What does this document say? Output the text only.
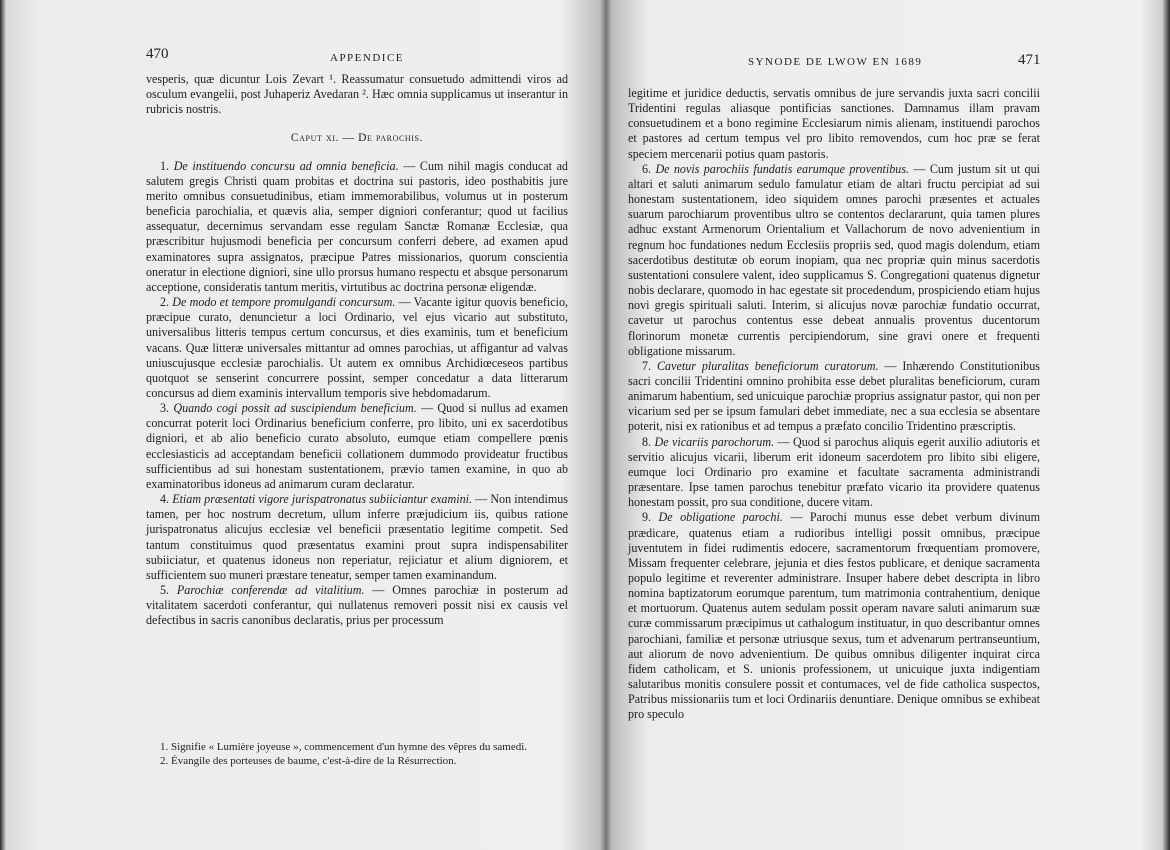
470	APPENDICE

vesperis, quæ dicuntur Lois Zevart ¹. Reassumatur consuetudo admittendi viros ad osculum evangelii, post Juhaperiz Avedaran ². Hæc omnia supplicamus ut inserantur in rubricis nostris.

Caput xi. — De parochis.

1. De instituendo concursu ad omnia beneficia. — Cum nihil magis conducat ad salutem gregis Christi quam probitas et doctrina sui pastoris, ideo posthabitis jure merito omnibus consuetudinibus, etiam immemorabilibus, volumus ut in posterum beneficia parochialia, et quævis alia, semper digniori conferantur; quod ut facilius assequatur, decernimus servandam esse regulam Sanctæ Romanæ Ecclesiæ, qua præscribitur hujusmodi beneficia per concursum conferri debere, ad examen apud examinatores supra assignatos, præcipue Patres missionarios, quorum conscientia oneratur in electione digniori, sine ullo prorsus humano respectu et absque personarum acceptione, consideratis tantum meritis, virtutibus ac doctrina personæ eligendæ.

2. De modo et tempore promulgandi concursum. — Vacante igitur quovis beneficio, præcipue curato, denuncietur a loci Ordinario, vel ejus vicario aut substituto, universalibus litteris tempus certum concursus, et dies examinis, tum et beneficium vacans. Quæ litteræ universales mittantur ad omnes parochias, ut affigantur ad valvas uniuscujusque ecclesiæ parochialis. Ut autem ex omnibus Archidiœceseos partibus quotquot se senserint concurrere possint, semper concedatur a data litterarum concursus ad diem examinis intervallum temporis sive hebdomadarum.

3. Quando cogi possit ad suscipiendum beneficium. — Quod si nullus ad examen concurrat poterit loci Ordinarius beneficium conferre, pro libito, uni ex sacerdotibus digniori, et ab alio beneficio curato absoluto, eumque etiam compellere pœnis ecclesiasticis ad acceptandam beneficii collationem dummodo provideatur fructibus sufficientibus ad sui honestam sustentationem, prævio tamen examine, in quo ab examinatoribus idoneus ad animarum curam declaratur.

4. Etiam præsentati vigore jurispatronatus subiiciantur examini. — Non intendimus tamen, per hoc nostrum decretum, ullum inferre præjudicium iis, quibus ratione jurispatronatus alicujus ecclesiæ vel beneficii præsentatio legitime competit. Sed tantum constituimus quod præsentatus examini prout supra indispensabiliter subiiciatur, et quatenus idoneus non reperiatur, rejiciatur et alium digniorem, et sufficientem suo muneri præstare teneatur, semper tamen examinandum.

5. Parochiæ conferendæ ad vitalitium. — Omnes parochiæ in posterum ad vitalitatem sacerdoti conferantur, qui nullatenus removeri possit nisi ex causis vel defectibus in sacris canonibus declaratis, prius per processum

1. Signifie « Lumière joyeuse », commencement d'un hymne des vêpres du samedi.

2. Évangile des porteuses de baume, c'est-à-dire de la Résurrection.

SYNODE DE LWOW EN 1689	471

legitime et juridice deductis, servatis omnibus de jure servandis juxta sacri concilii Tridentini regulas aliasque pontificias sanctiones. Damnamus illam pravam consuetudinem et a bono regimine Ecclesiarum nimis alienam, instituendi parochos et pastores ad certum tempus vel pro libito removendos, cum hoc præ se ferat speciem mercenarii potius quam pastoris.

6. De novis parochiis fundatis earumque proventibus. — Cum justum sit ut qui altari et saluti animarum sedulo famulatur etiam de altari fructu percipiat ad sui honestam sustentationem, ideo siquidem omnes parochi præsentes et actuales suarum parochiarum proventibus ultro se contentos declararunt, quia tamen plures adhuc exstant Armenorum Orientalium et Vallachorum de novo advenientium in regnum hoc fundationes nedum Ecclesiis propriis sed, quod magis dolendum, etiam sacerdotibus destitutæ ob eorum inopiam, qua nec propriæ quin minus sacerdotis sustentationi consulere valent, ideo supplicamus S. Congregationi quatenus dignetur nobis declarare, quomodo in hac egestate sit procedendum, prospiciendo etiam hujus novi gregis spirituali saluti. Interim, si alicujus novæ parochiæ fundatio occurrat, cavetur ut parochus contentus esse debeat annualis proventus ducentorum florinorum monetæ currentis percipiendorum, sine gravi onere et frequenti obligatione missarum.

7. Cavetur pluralitas beneficiorum curatorum. — Inhærendo Constitutionibus sacri concilii Tridentini omnino prohibita esse debet pluralitas beneficiorum, curam animarum habentium, sed unicuique parochiæ proprius assignatur pastor, qui non per vicarium sed per se ipsum famulari debet immediate, nec a sua ecclesia se absentare poterit, nisi ex rationibus et ad tempus a præfato concilio Tridentino præscriptis.

8. De vicariis parochorum. — Quod si parochus aliquis egerit auxilio adiutoris et servitio alicujus vicarii, liberum erit idoneum sacerdotem pro libito sibi eligere, eumque loci Ordinario pro examine et facultate sacramenta administrandi præsentare. Ipse tamen parochus tenebitur præfato vicario ita providere quatenus honestam possit, pro sua conditione, ducere vitam.

9. De obligatione parochi. — Parochi munus esse debet verbum divinum prædicare, quatenus etiam a rudioribus intelligi possit omnibus, præcipue juventutem in fidei rudimentis edocere, sacramentorum frœquentiam promovere, Missam frequenter celebrare, jejunia et dies festos publicare, et denique sacramenta populo legitime et reverenter administrare. Insuper habere debet descripta in libro nomina baptizatorum eorumque parentum, tum matrimonia contrahentium, denique et mortuorum. Quatenus autem sedulam possit operam navare saluti animarum suæ curæ commissarum præcipimus ut cathalogum instituatur, in quo describantur omnes parochiani, familiæ et personæ utriusque sexus, tum et advenarum pertranseuntium, aut aliorum de novo advenientium. De quibus omnibus diligenter inquirat circa fidem catholicam, et S. unionis professionem, ut unicuique juxta indigentiam salutaribus monitis consulere possit et contumaces, vel de fide catholica suspectos, Patribus missionariis tum et loci Ordinariis denuntiare. Denique omnibus se exhibeat pro speculo
